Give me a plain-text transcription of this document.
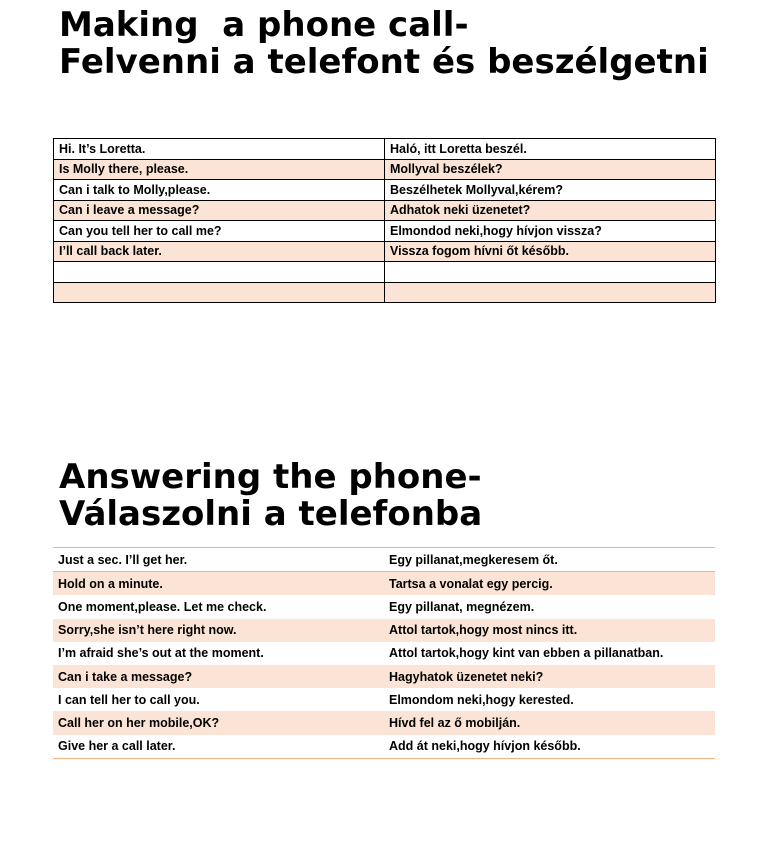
Making  a phone call-
Felvenni a telefont és beszélgetni
Hi. It’s Loretta.	Haló, itt Loretta beszél.
Is Molly there, please.	Mollyval beszélek?
Can i talk to Molly,please.	Beszélhetek Mollyval,kérem?
Can i leave a message?	Adhatok neki üzenetet?
Can you tell her to call me?	Elmondod neki,hogy hívjon vissza?
I’ll call back later.	Vissza fogom hívni őt később.

Answering the phone-
Válaszolni a telefonba
Just a sec. I’ll get her.	Egy pillanat,megkeresem őt.
Hold on a minute.	Tartsa a vonalat egy percig.
One moment,please. Let me check.	Egy pillanat, megnézem.
Sorry,she isn’t here right now.	Attol tartok,hogy most nincs itt.
I’m afraid she’s out at the moment.	Attol tartok,hogy kint van ebben a pillanatban.
Can i take a message?	Hagyhatok üzenetet neki?
I can tell her to call you.	Elmondom neki,hogy kerested.
Call her on her mobile,OK?	Hívd fel az ő mobilján.
Give her a call later.	Add át neki,hogy hívjon később.
